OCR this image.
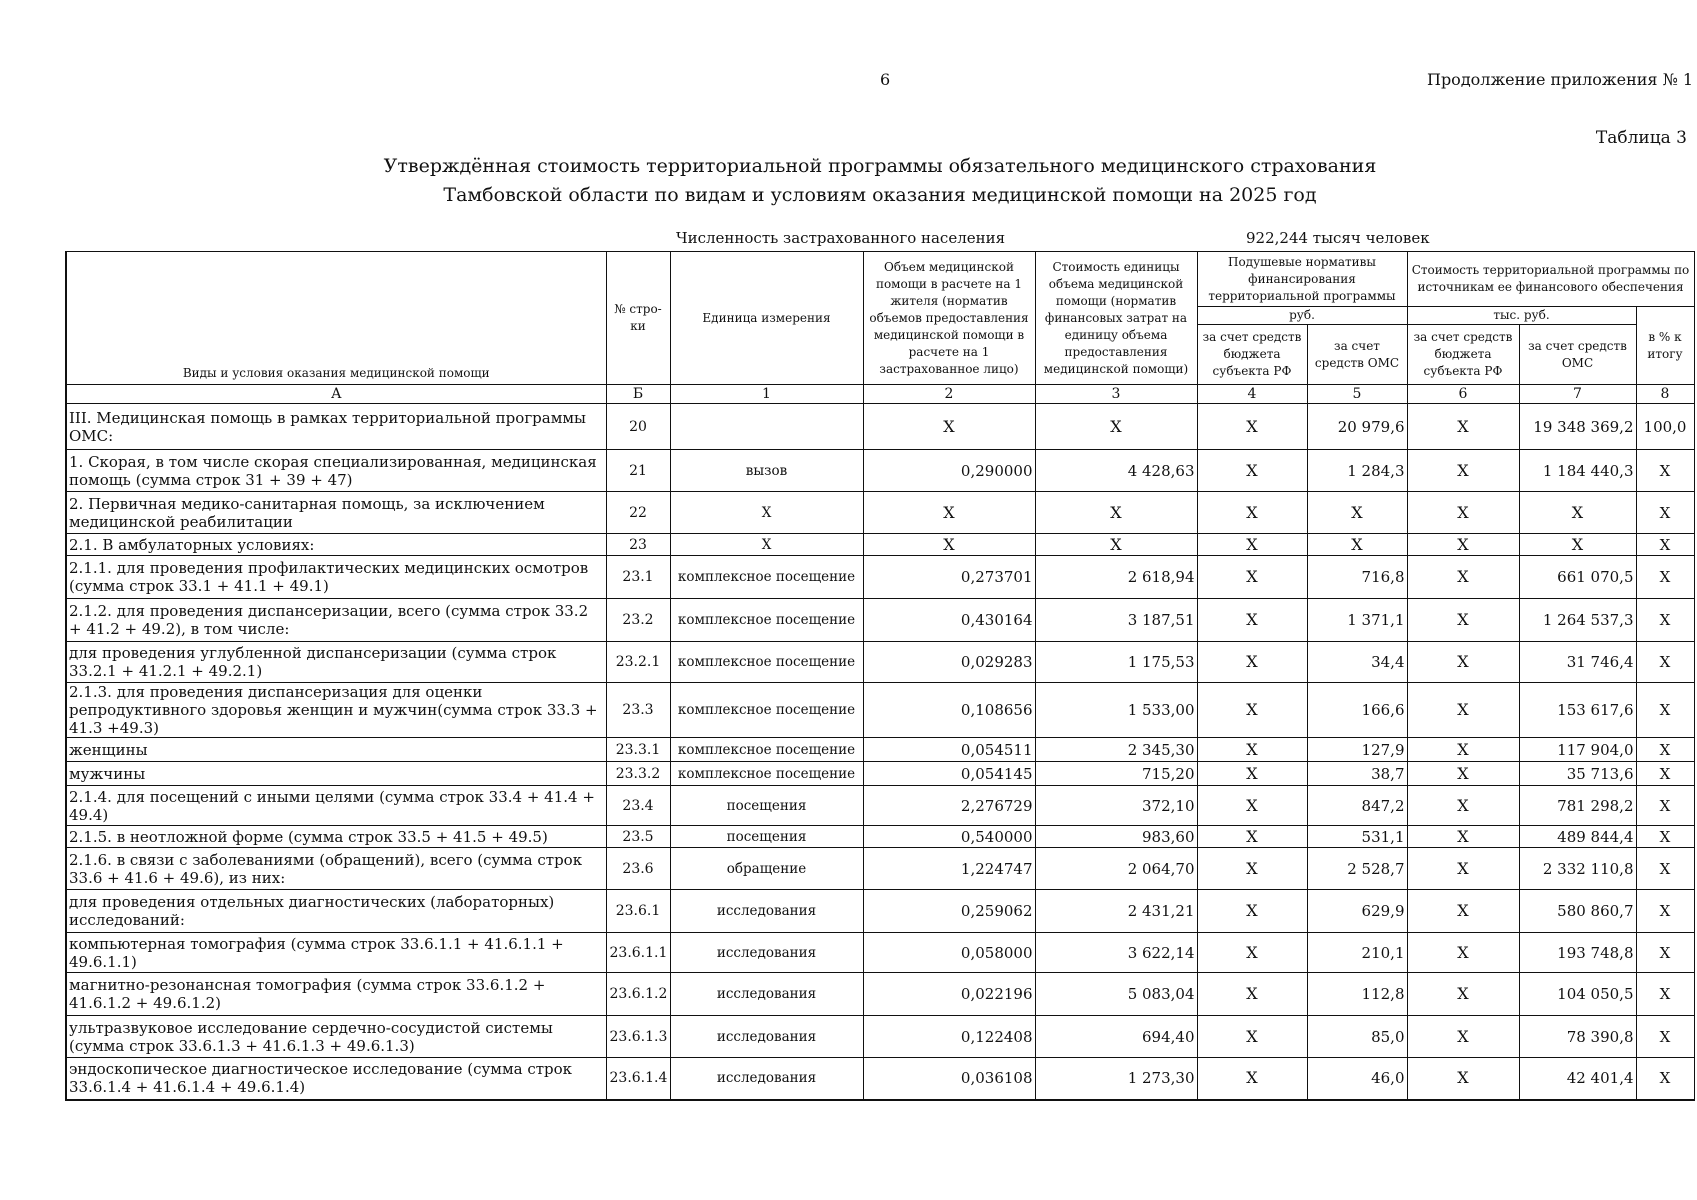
6	Продолжение приложения № 1
Таблица 3
Утверждённая стоимость территориальной программы обязательного медицинского страхования
Тамбовской области по видам и условиям оказания медицинской помощи на 2025 год
Численность застрахованного населения	922,244 тысяч человек
Виды и условия оказания медицинской помощи	№ стро-ки	Единица измерения	Объем медицинской помощи в расчете на 1 жителя (норматив объемов предоставления медицинской помощи в расчете на 1 застрахованное лицо)	Стоимость единицы объема медицинской помощи (норматив финансовых затрат на единицу объема предоставления медицинской помощи)	Подушевые нормативы финансирования территориальной программы		Стоимость территориальной программы по источникам ее финансового обеспечения		
					руб.		тыс. руб.		в % к итогу
					за счет средств бюджета субъекта РФ	за счет средств ОМС	за счет средств бюджета субъекта РФ	за счет средств ОМС	
А	Б	1	2	3	4	5	6	7	8
III. Медицинская помощь в рамках территориальной программы ОМС:	20		X	X	X	20 979,6	X	19 348 369,2	100,0
1. Скорая, в том числе скорая специализированная, медицинская помощь (сумма строк 31 + 39 + 47)	21	вызов	0,290000	4 428,63	X	1 284,3	X	1 184 440,3	X
2. Первичная медико-санитарная помощь, за исключением медицинской реабилитации	22	X	X	X	X	X	X	X	X
2.1. В амбулаторных условиях:	23	X	X	X	X	X	X	X	X
2.1.1. для проведения профилактических медицинских осмотров (сумма строк 33.1 + 41.1 + 49.1)	23.1	комплексное посещение	0,273701	2 618,94	X	716,8	X	661 070,5	X
2.1.2. для проведения диспансеризации, всего (сумма строк 33.2 + 41.2 + 49.2), в том числе:	23.2	комплексное посещение	0,430164	3 187,51	X	1 371,1	X	1 264 537,3	X
для проведения углубленной диспансеризации (сумма строк 33.2.1 + 41.2.1 + 49.2.1)	23.2.1	комплексное посещение	0,029283	1 175,53	X	34,4	X	31 746,4	X
2.1.3. для проведения диспансеризация для оценки репродуктивного здоровья женщин и мужчин(сумма строк 33.3 + 41.3 +49.3)	23.3	комплексное посещение	0,108656	1 533,00	X	166,6	X	153 617,6	X
женщины	23.3.1	комплексное посещение	0,054511	2 345,30	X	127,9	X	117 904,0	X
мужчины	23.3.2	комплексное посещение	0,054145	715,20	X	38,7	X	35 713,6	X
2.1.4. для посещений с иными целями (сумма строк 33.4 + 41.4 + 49.4)	23.4	посещения	2,276729	372,10	X	847,2	X	781 298,2	X
2.1.5. в неотложной форме (сумма строк 33.5 + 41.5 + 49.5)	23.5	посещения	0,540000	983,60	X	531,1	X	489 844,4	X
2.1.6. в связи с заболеваниями (обращений), всего (сумма строк 33.6 + 41.6 + 49.6), из них:	23.6	обращение	1,224747	2 064,70	X	2 528,7	X	2 332 110,8	X
для проведения отдельных диагностических (лабораторных) исследований:	23.6.1	исследования	0,259062	2 431,21	X	629,9	X	580 860,7	X
компьютерная томография (сумма строк 33.6.1.1 + 41.6.1.1 + 49.6.1.1)	23.6.1.1	исследования	0,058000	3 622,14	X	210,1	X	193 748,8	X
магнитно-резонансная томография (сумма строк 33.6.1.2 + 41.6.1.2 + 49.6.1.2)	23.6.1.2	исследования	0,022196	5 083,04	X	112,8	X	104 050,5	X
ультразвуковое исследование сердечно-сосудистой системы (сумма строк 33.6.1.3 + 41.6.1.3 + 49.6.1.3)	23.6.1.3	исследования	0,122408	694,40	X	85,0	X	78 390,8	X
эндоскопическое диагностическое исследование (сумма строк 33.6.1.4 + 41.6.1.4 + 49.6.1.4)	23.6.1.4	исследования	0,036108	1 273,30	X	46,0	X	42 401,4	X
